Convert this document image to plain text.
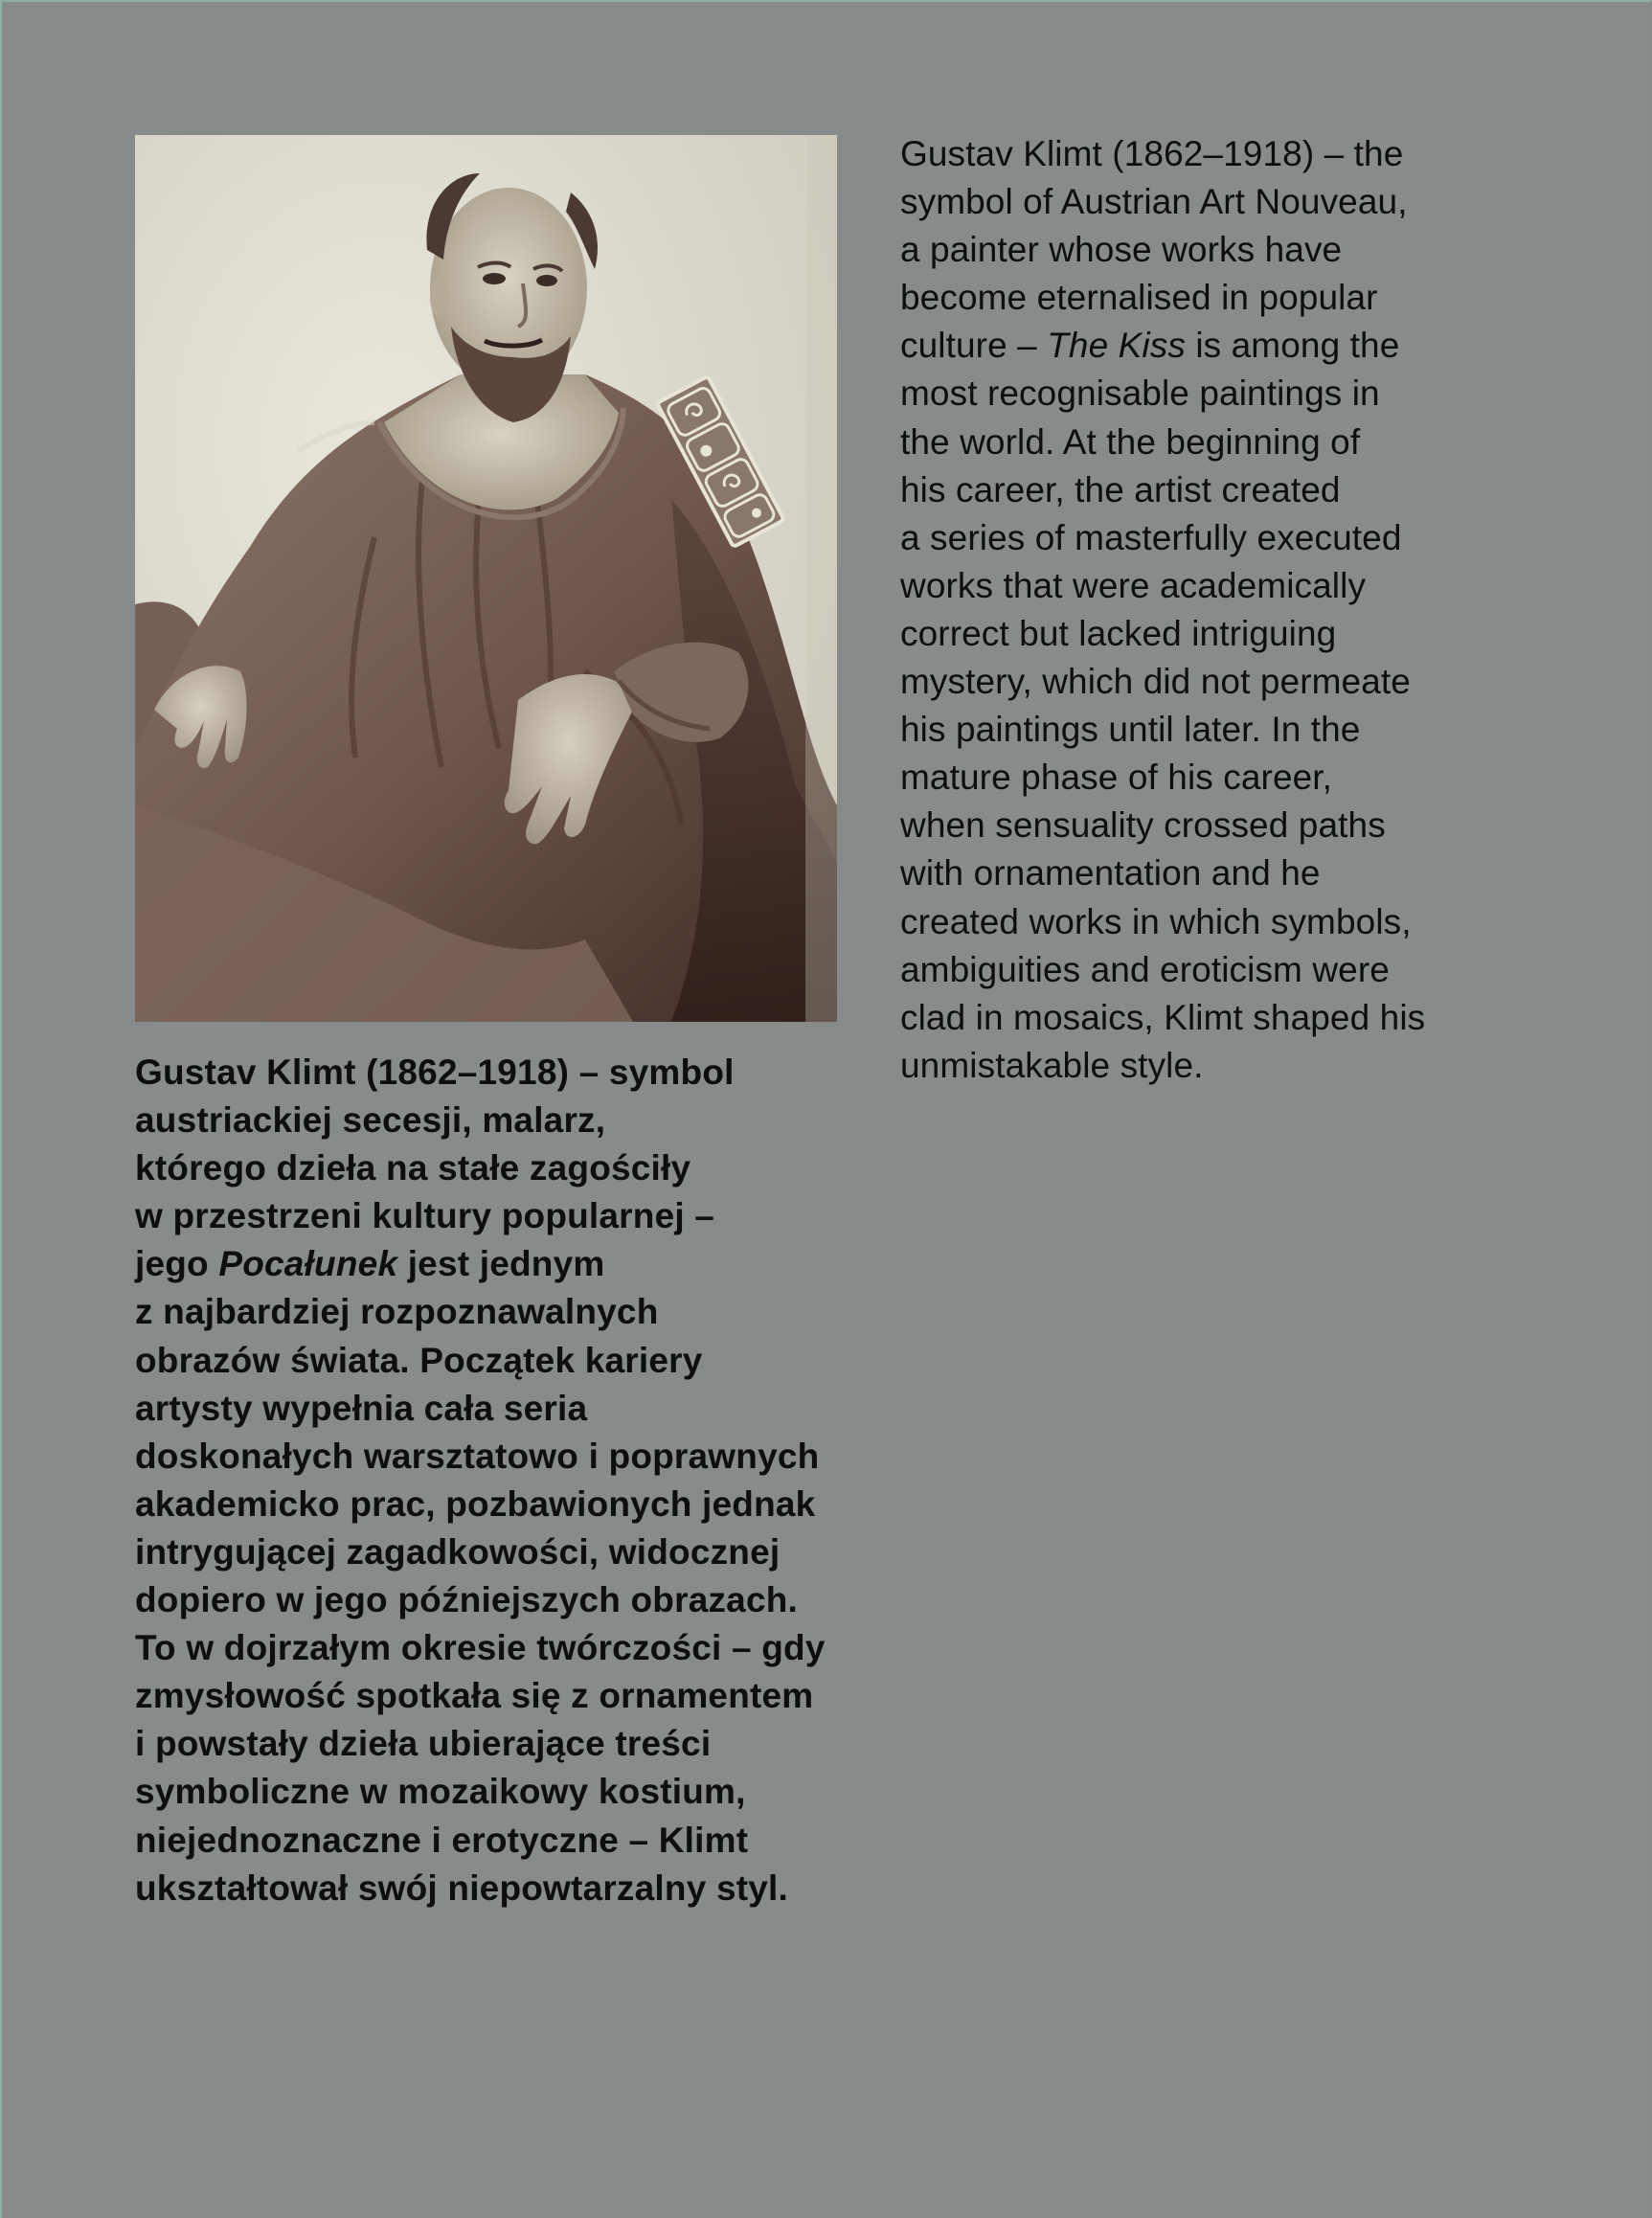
Gustav Klimt (1862–1918) – the
symbol of Austrian Art Nouveau,
a painter whose works have
become eternalised in popular
culture – The Kiss is among the
most recognisable paintings in
the world. At the beginning of
his career, the artist created
a series of masterfully executed
works that were academically
correct but lacked intriguing
mystery, which did not permeate
his paintings until later. In the
mature phase of his career,
when sensuality crossed paths
with ornamentation and he
created works in which symbols,
ambiguities and eroticism were
clad in mosaics, Klimt shaped his
unmistakable style.
Gustav Klimt (1862–1918) – symbol
austriackiej secesji, malarz,
którego dzieła na stałe zagościły
w przestrzeni kultury popularnej –
jego Pocałunek jest jednym
z najbardziej rozpoznawalnych
obrazów świata. Początek kariery
artysty wypełnia cała seria
doskonałych warsztatowo i poprawnych
akademicko prac, pozbawionych jednak
intrygującej zagadkowości, widocznej
dopiero w jego późniejszych obrazach.
To w dojrzałym okresie twórczości – gdy
zmysłowość spotkała się z ornamentem
i powstały dzieła ubierające treści
symboliczne w mozaikowy kostium,
niejednoznaczne i erotyczne – Klimt
ukształtował swój niepowtarzalny styl.
